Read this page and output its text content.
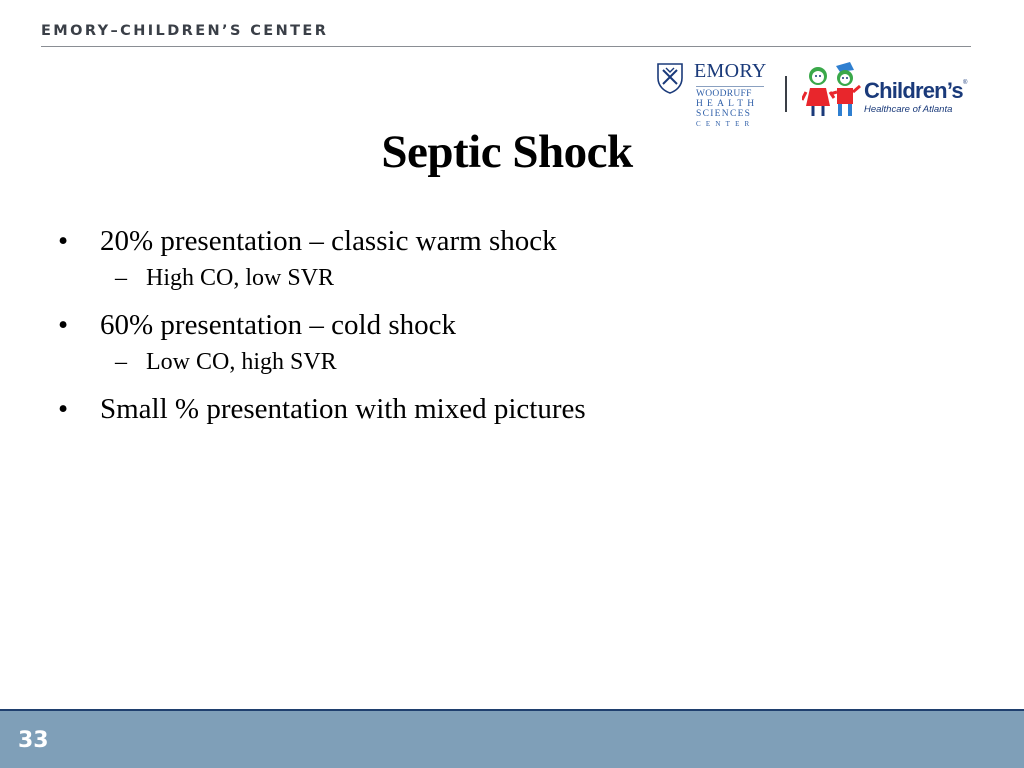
EMORY–CHILDREN’S CENTER
EMORY
WOODRUFF
HEALTH
SCIENCES
CENTER
Children’s ®
Healthcare of Atlanta
Septic Shock
• 20% presentation – classic warm shock
– High CO, low SVR
• 60% presentation – cold shock
– Low CO, high SVR
• Small % presentation with mixed pictures
33
